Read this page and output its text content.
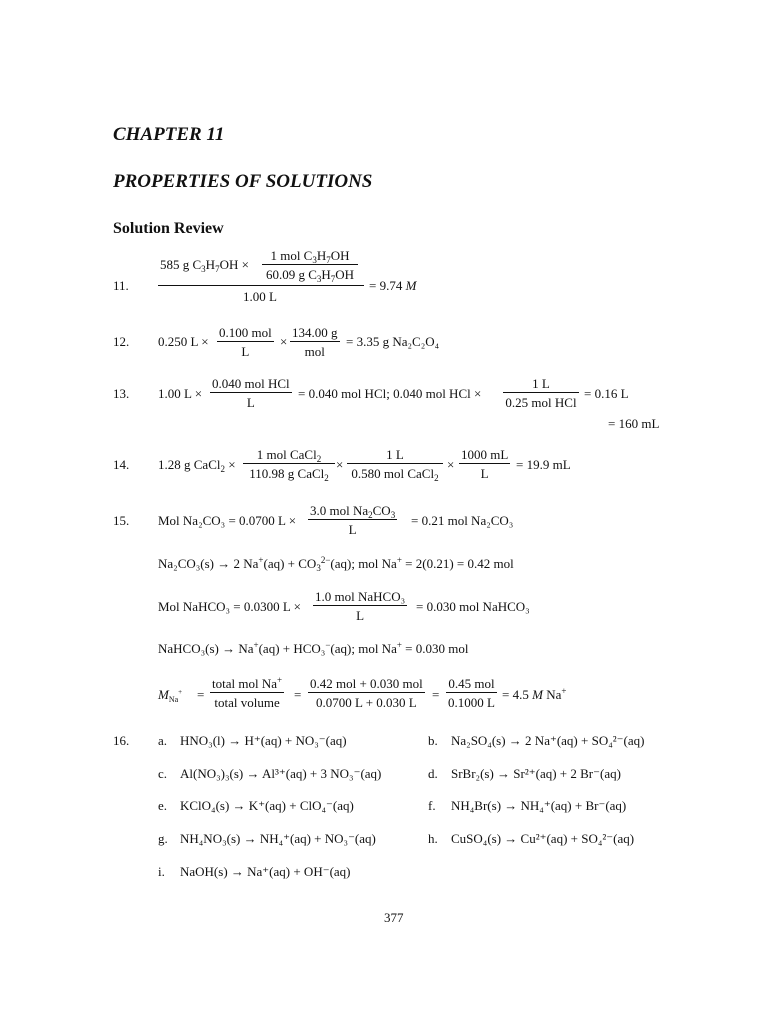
CHAPTER 11
PROPERTIES OF SOLUTIONS
Solution Review
11.
585 g $C_3H_7OH$ ×
1 mol $C_3H_7OH$
60.09 g $C_3H_7OH$
1.00 L
= 9.74 M
12. 0.250 L ×
0.100 mol
L
×
134.00 g
mol
= 3.35 g Na₂C₂O₄
13. 1.00 L ×
0.040 mol HCl
L
= 0.040 mol HCl; 0.040 mol HCl ×
1 L
0.25 mol HCl
= 0.16 L
= 160 mL
14. 1.28 g CaCl$_2$ ×
1 mol CaCl$_2$
110.98 g CaCl$_2$
×
1 L
0.580 mol CaCl$_2$
× $\frac{1000 mL}{L} = 19.9$ mL
15. Mol Na₂CO₃ = 0.0700 L ×
3.0 mol $Na_2CO_3$
L
= 0.21 mol Na₂CO₃
Na₂CO₃(s) → 2 $Na^+(aq) + CO_3^{2-}(aq)$; mol Na+ = 2(0.21) = 0.42 mol
Mol NaHCO₃ = 0.0300 L ×
1.0 mol NaHCO₃
L
= 0.030 mol NaHCO₃
NaHCO₃(s) → Na+(aq) + HCO₃−(aq); mol Na+ = 0.030 mol
$M_{Na}^+$ =
total mol Na+
total volume
=
0.42 mol + 0.030 mol
0.0700 L + 0.030 L
=
0.45 mol
0.1000 L
= 4.5 M Na+
16. a. HNO₃(l) → H⁺(aq) + NO₃⁻(aq)	b. Na₂SO₄(s) → 2 Na⁺(aq) + SO₄²⁻(aq)
c. Al(NO₃)₃(s) → Al³⁺(aq) + 3 NO₃⁻(aq)	d. SrBr₂(s) → Sr²⁺(aq) + 2 Br⁻(aq)
e. KClO₄(s) → K⁺(aq) + ClO₄⁻(aq)	f. NH₄Br(s) → NH₄⁺(aq) + Br⁻(aq)
g. NH₄NO₃(s) → NH₄⁺(aq) + NO₃⁻(aq)	h. CuSO₄(s) → Cu²⁺(aq) + SO₄²⁻(aq)
i. NaOH(s) → Na⁺(aq) + OH⁻(aq)
377
